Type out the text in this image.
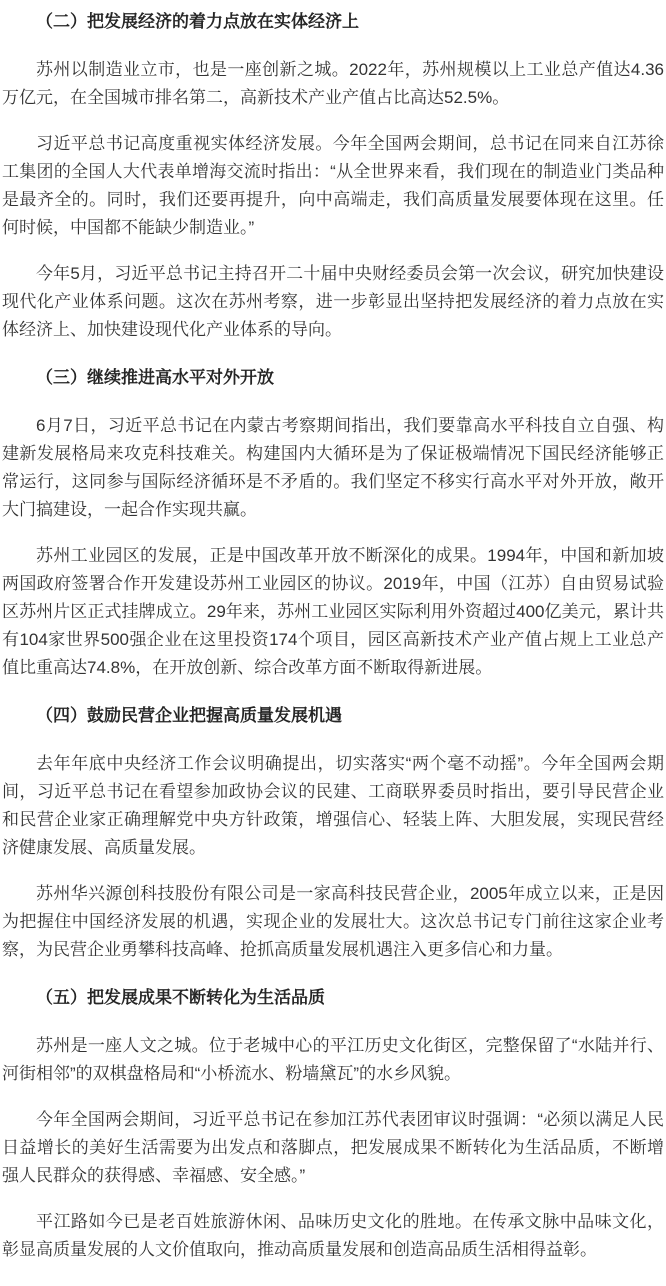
（二）把发展经济的着力点放在实体经济上

苏州以制造业立市，也是一座创新之城。2022年，苏州规模以上工业总产值达4.36万亿元，在全国城市排名第二，高新技术产业产值占比高达52.5%。

习近平总书记高度重视实体经济发展。今年全国两会期间，总书记在同来自江苏徐工集团的全国人大代表单增海交流时指出：“从全世界来看，我们现在的制造业门类品种是最齐全的。同时，我们还要再提升，向中高端走，我们高质量发展要体现在这里。任何时候，中国都不能缺少制造业。”

今年5月，习近平总书记主持召开二十届中央财经委员会第一次会议，研究加快建设现代化产业体系问题。这次在苏州考察，进一步彰显出坚持把发展经济的着力点放在实体经济上、加快建设现代化产业体系的导向。

（三）继续推进高水平对外开放

6月7日，习近平总书记在内蒙古考察期间指出，我们要靠高水平科技自立自强、构建新发展格局来攻克科技难关。构建国内大循环是为了保证极端情况下国民经济能够正常运行，这同参与国际经济循环是不矛盾的。我们坚定不移实行高水平对外开放，敞开大门搞建设，一起合作实现共赢。

苏州工业园区的发展，正是中国改革开放不断深化的成果。1994年，中国和新加坡两国政府签署合作开发建设苏州工业园区的协议。2019年，中国（江苏）自由贸易试验区苏州片区正式挂牌成立。29年来，苏州工业园区实际利用外资超过400亿美元，累计共有104家世界500强企业在这里投资174个项目，园区高新技术产业产值占规上工业总产值比重高达74.8%，在开放创新、综合改革方面不断取得新进展。

（四）鼓励民营企业把握高质量发展机遇

去年年底中央经济工作会议明确提出，切实落实“两个毫不动摇”。今年全国两会期间，习近平总书记在看望参加政协会议的民建、工商联界委员时指出，要引导民营企业和民营企业家正确理解党中央方针政策，增强信心、轻装上阵、大胆发展，实现民营经济健康发展、高质量发展。

苏州华兴源创科技股份有限公司是一家高科技民营企业，2005年成立以来，正是因为把握住中国经济发展的机遇，实现企业的发展壮大。这次总书记专门前往这家企业考察，为民营企业勇攀科技高峰、抢抓高质量发展机遇注入更多信心和力量。

（五）把发展成果不断转化为生活品质

苏州是一座人文之城。位于老城中心的平江历史文化街区，完整保留了“水陆并行、河街相邻”的双棋盘格局和“小桥流水、粉墙黛瓦”的水乡风貌。

今年全国两会期间，习近平总书记在参加江苏代表团审议时强调：“必须以满足人民日益增长的美好生活需要为出发点和落脚点，把发展成果不断转化为生活品质，不断增强人民群众的获得感、幸福感、安全感。”

平江路如今已是老百姓旅游休闲、品味历史文化的胜地。在传承文脉中品味文化，彰显高质量发展的人文价值取向，推动高质量发展和创造高品质生活相得益彰。
